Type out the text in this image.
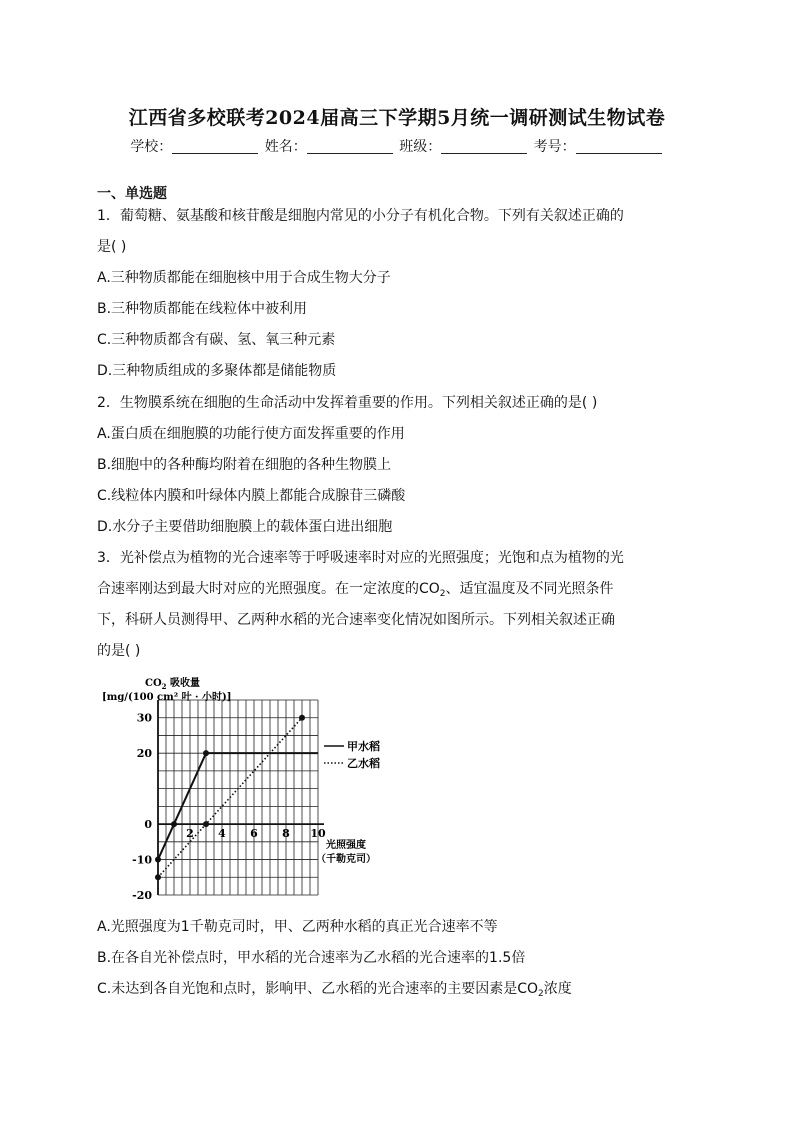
江西省多校联考2024届高三下学期5月统一调研测试生物试卷
学校：	姓名：	班级：	考号：
一、单选题
1．葡萄糖、氨基酸和核苷酸是细胞内常见的小分子有机化合物。下列有关叙述正确的
是( )
A.三种物质都能在细胞核中用于合成生物大分子
B.三种物质都能在线粒体中被利用
C.三种物质都含有碳、氢、氧三种元素
D.三种物质组成的多聚体都是储能物质
2．生物膜系统在细胞的生命活动中发挥着重要的作用。下列相关叙述正确的是( )
A.蛋白质在细胞膜的功能行使方面发挥重要的作用
B.细胞中的各种酶均附着在细胞的各种生物膜上
C.线粒体内膜和叶绿体内膜上都能合成腺苷三磷酸
D.水分子主要借助细胞膜上的载体蛋白进出细胞
3．光补偿点为植物的光合速率等于呼吸速率时对应的光照强度；光饱和点为植物的光
合速率刚达到最大时对应的光照强度。在一定浓度的$CO_2$、适宜温度及不同光照条件
下，科研人员测得甲、乙两种水稻的光合速率变化情况如图所示。下列相关叙述正确
的是( )
2 4 6 8 10
30
20
0
-10
-20
$CO_2$ 吸收量
[mg/(100 cm² 叶 · 小时)]
光照强度
（千勒克司）
甲水稻
乙水稻
A.光照强度为1千勒克司时，甲、乙两种水稻的真正光合速率不等
B.在各自光补偿点时，甲水稻的光合速率为乙水稻的光合速率的1.5倍
C.未达到各自光饱和点时，影响甲、乙水稻的光合速率的主要因素是$CO_2$浓度
